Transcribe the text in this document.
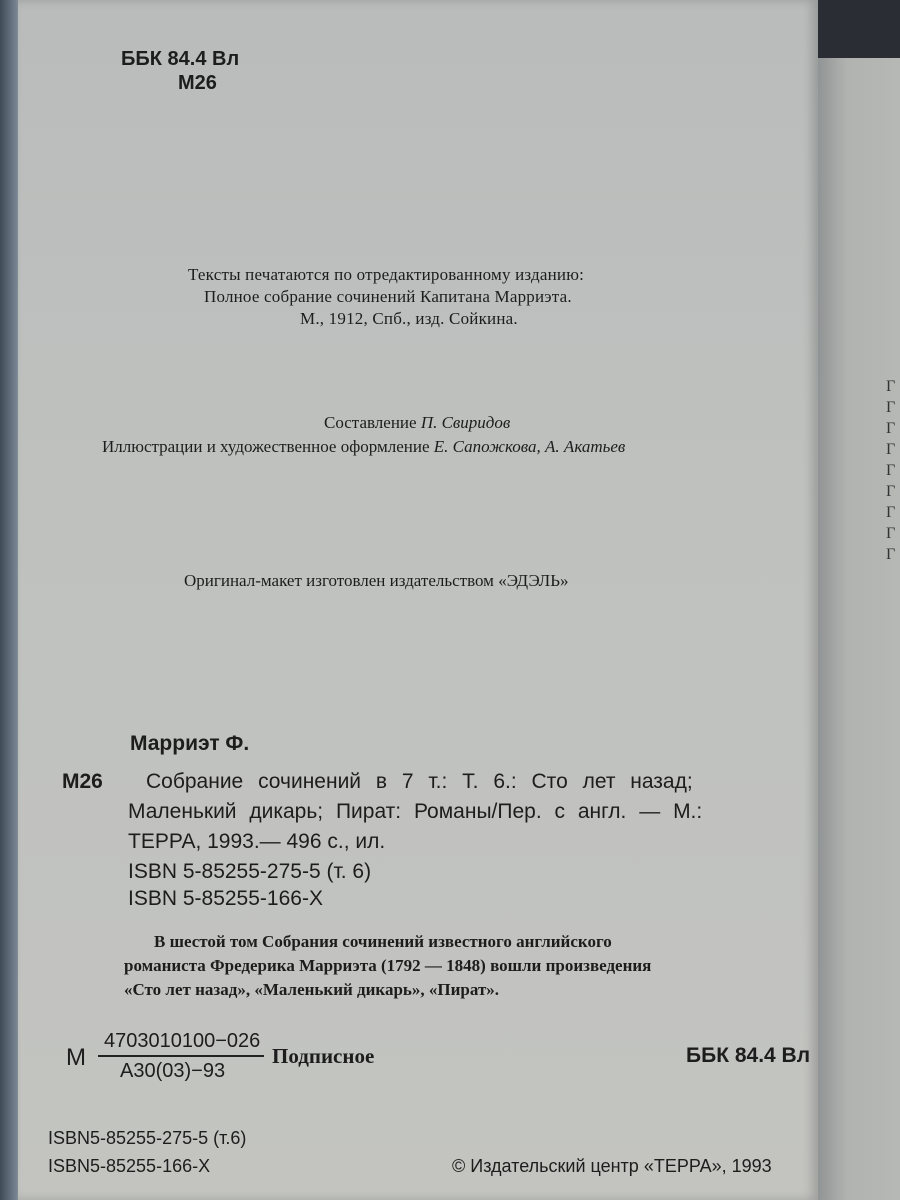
Г
Г
Г
Г
Г
Г
Г
Г
Г
ББК 84.4 Вл
М26
Тексты печатаются по отредактированному изданию:
Полное собрание сочинений Капитана Марриэта.
М., 1912, Спб., изд. Сойкина.
Составление П. Свиридов
Иллюстрации и художественное оформление Е. Сапожкова, А. Акатьев
Оригинал-макет изготовлен издательством «ЭДЭЛЬ»
Марриэт Ф.
М26 Собрание сочинений в 7 т.: Т. 6.: Сто лет назад;
Маленький дикарь; Пират: Романы/Пер. с англ. — М.:
ТЕРРА, 1993.— 496 с., ил.
ISBN 5-85255-275-5 (т. 6)
ISBN 5-85255-166-X
В шестой том Собрания сочинений известного английского
романиста Фредерика Марриэта (1792 — 1848) вошли произведения
«Сто лет назад», «Маленький дикарь», «Пират».
М
4703010100−026
А30(03)−93
Подписное	ББК 84.4 Вл
ISBN5-85255-275-5 (т.6)
ISBN5-85255-166-X	© Издательский центр «ТЕРРА», 1993
